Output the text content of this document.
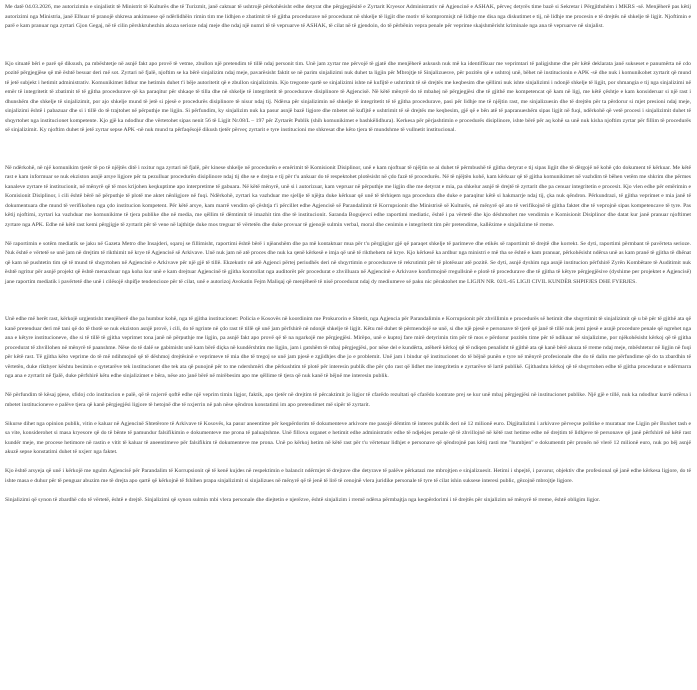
Me datë 04.03.2026, me autorizimin e sinjalistit të Ministrit të Kulturës dhe të Turizmit, janë caktuar të ushtrojë përkohësisht edhe detyrat dhe përgjegjësitë e Zyrtarit Kryesor Administrativ në Agjencinë e ASHAK, përveç detyrës time bazë si Sekretar i Përgjithshëm i MKRS -së. Menjëherë pas këtij autorizimi nga Ministria, janë Elhuar të pranojë shkresa ankimuese që ndërlidhëin rimin tim me lidhjen e zbatimit të të gjitha procedurave në procedurat në shkelje të ligjit dhe motiv të kompromisjt në lidhje me disa nga diskutimet e tij, në lidhje me procesin e të drejtës në shkelje të ligjit. Njoftimin e parë e kam pranuar nga zyrtari Gjon Gegaj, në të cilin përshkruhezhin akuza serioze ndaj meje dhe ndaj një numri të të vepruarve të ASHAK, të cilat në të gjendoin, do të përbënin vepra penale për veprime skajshmërisht kriminale nga ana të vepruarve në sinjalist.

Kjo situatë bëri e parë që diksush, pa mbështetje në asnjë fakt apo provë të vetme, zbullon një pretendim të tillë ndaj personit tim. Unë jam zyrtar me përvojë të gjatë dhe menjëherë asksush nuk më ka identifikuar me veprimtari të paligjshme dhe për këtë deklarata janë sukseset e panumërta në cdo pozitë përgjegjëse që më është besuar deri më sot. Zyrtari në fjalë, njoftim se ka bërë sinjalizim ndaj meje, pavarësisht faktit se në parim sinjalizimi nuk duhet ta ligjin për Mbrojtje të Sinjalizuesve, për pozitën që e ushtroj unë, bëhet në institucionin e APK -së dhe nuk i komunikohet zyrtarit që mund të jetë subjekt i hetimit administrativ. Komunikimet lidhur me hetimin duhet t'i bëje autoritetit që e zbullon sinjalizimin. Kjo tregonte qartë se sinjalizimi ishte në kufijtë e ushtrimit të së drejtës me keqbesim dhe qëllimi nuk ishte sinjalizimi i ndonjë shkelje të ligjit, por shmangia e tij nga sinjalizimi në emër të integritetit të zbatimit të të gjitha procedurave që ka paraqitur për shkaqe të tilla dhe në shkelje të integritetit të procedurave disiplinore të Agjencisë. Në këtë mënyrë do të mbahej në përgjegjësi dhe të gjithë me kompetencat që kam në ligj, me këtë çështje e kam konsideruar si një rast i dhunshëm dhe shkelje të sinjalizimit, por ajo shkelje mund të jetë si pjesë e procedurës disiplinore të nisur ndaj tij. Ndërsa për sinjalizimin në shkelje të integritetit të të gjitha procedurave, pasi për lidhje me të njëjtin rast, me sinjalizuesin dhe të drejtën për ta përdorur si mjet presioni ndaj meje, sinjalizimi është i pabazuar dhe si i tillë do të trajtohet në përputhje me ligjin. Si përfundim, ky sinjalizim nuk ka pasur asnjë bazë ligjore dhe mbetet në kufijtë e ushtrimit të së drejtës me keqbesim, gjë që e bën atë të papranueshëm sipas ligjit në fuqi, ndërkohë që vetë procesi i sinjalizimit duhet të shqyrtohet nga institucionet kompetente. Kjo gjë ka ndodhur dhe vërtetohet sipas nenit 56 të Ligjit Nr.08/L – 197 për Zyrtarët Publik (shih komunikimet e bashkëlidhura). Kerkesa për përjashtimin e procedurës disiplinore, ishte bërë për aq kohë sa unë nuk kisha njoftim zyrtar për fillim të procedurës së sinjalizimit. Ky njoftim duhet të jetë zyrtar sepse APK -në nuk mund ta përfaqësojë dikush tjetër përveç zyrtarit e tyre institucioni me shkresat dhe këto tjera të mundshme të vullnetit institucional.

Në ndërkohë, në një komunikim tjetër të po të njëjtës ditë i nxitur nga zyrtari në fjalë, për kinese shkelje në procedurën e emërimit të Komisionit Disiplinor, unë e kam njoftuar të njëjtin se ai duhet të përmbushë të gjitha detyrat e tij sipas ligjit dhe të dërgojë në kohë çdo dokument të kërkuar. Me këtë rast e kam informuar se nuk ekziston asnjë arsye ligjore për ta pezulluar procedurën disiplinore ndaj tij dhe se e drejta e tij për t'u ankuar do të respektohet plotësisht në çdo fazë të procedurës. Në të njëjtën kohë, kam kërkuar që të gjitha komunikimet në vazhdim të bëhen vetëm me shkrim dhe përmes kanaleve zyrtare të institucionit, në mënyrë që të mos krijohen keqkuptime apo interpretime të gabuara. Në këtë mënyrë, unë si i autorizuar, kam vepruar në përputhje me ligjin dhe me detyrat e mia, pa shkelur asnjë të drejtë të zyrtarit dhe pa cenuar integritetin e procesit. Kjo vlen edhe për emërimin e Komisionit Disiplinor, i cili është bërë në përputhje të plotë me aktet nënligjore në fuqi. Ndërkohë, zyrtari ka vazhduar me sjellje të njëjta duke kërkuar që unë të tërhiqem nga procedura dhe duke e paraqitur këtë si hakmarrje ndaj tij, çka nuk qëndron. Përkundrazi, të gjitha veprimet e mia janë të dokumentuara dhe mund të verifikohen nga çdo institucion kompetent. Për këtë arsye, kam marrë vendim që çështja t'i përcillet edhe Agjencisë së Parandalimit të Korrupsionit dhe Ministrisë së Kulturës, në mënyrë që ato të verifikojnë të gjitha faktet dhe të veprojnë sipas kompetencave të tyre. Pas këtij njoftimi, zyrtari ka vazhduar me komunikime të tjera publike dhe në media, me qëllim të dëmtimit të imazhit tim dhe të institucionit. Saranda Bogujevci edhe raportimi mediatic, është i pa vërtetë dhe kjo dëshmohet me vendimin e Komisionit Disiplinor dhe datat kur janë pranuar njoftimet zyrtare nga APK. Edhe në këtë rast kemi përgjigje të zyrtarit për të vene në lajthitje duke mos treguar të vërtetën dhe duke provuar të gjenojë sulmin verbal, moral dhe cenimin e integritetit tim për pretendime, kallëzime e sinjalizime të rreme.

Në raportimin e sotëm mediatik se jaku në Gazeta Metro dhe Insajderi, sqaroj se fillimisht, raportimi është bërë i njëanshëm dhe pa më kontaktuar mua për t'u përgjigjur gjë që paraqet shkelje të parimeve dhe etikës së raportimit të drejtë dhe korrekt. Se dyti, raportimi përmbant të pavërteta serioze. Nuk është e vërtetë se unë jam në drejtim të rikthimit në krye të Agjencisë së Arkivave. Unë nuk jam në atë proces dhe nuk ka qenë kërkesë e imja që unë të rikthehem në krye. Kjo kërkesë ka ardhur nga ministri e më tha se është e kam pranuar, përkohësisht ndërsa unë as kam pranë të gjitha të dhënat që kam në pushtetin tim që të mund të shqyrtohen në Agjencinë e Arkivave për një gjë të tillë. Ekzekutiv në atë Agjenci përtej periudhës deri në shqyrtimin e procedurave të rekrutimit për të plotësuar atë pozitë. Se dyti, asnjë dyshim nga asnjë institucion përfshirë Zyrën Kombëtare të Auditimit nuk është ngritur për asnjë projekt që është menaxhuar nga koha kur unë e kam drejtuar Agjencinë të gjitha kontrollat nga auditorët për procedurat e zhvilluara në Agjencinë e Arkivave konfirmojnë rregullsinë e plotë të procedurave dhe të gjitha të këtyre përgjegjësive (dyshime per projektet e Agjencisë) jane raportim mediatik i pavërtetë dhe unë i cilësojë shpifje tendencioze për të cilat, unë e autorizoj Avokatin Fejm Maliqaj që menjëherë të nisë procedurat ndaj dy mediumeve sé paku nic përaktohet me LIGJIN NR. 02/L-65 LIGJI CIVIL KUNDËR SHPIFJES DHE FYERJES.

Unë edhe më herët rast, kërkojë urgjentisht menjëherë dhe pa humbur kohë, nga të gjitha institucionet: Policia e Kosovës në koordinim me Prokurorin e Shtetit, nga Agjencia për Parandalimin e Korrupsionit për zhvillimin e procedurës së hetimit dhe shqyrtimit të sinjalizimit që u bë për të gjithë ata që kanë pretenduar deri më tani që do të thotë se nuk ekziston asnjë provë, i cili, do të ngrinte në çdo rast të tillë që unë jam përfshirë në ndonjë shkelje të ligjit. Këtu më duhet të përmendojë se unë, si dhe një pjesë e personave të tjerë që janë të tillë nuk jemi pjesë e asnjë procedure penale që ngrehet nga ana e këtyre institucioneve, dhe si të tillë të gjitha veprimet tona janë në përputhje me ligjin, pa asnjë fakt apo provë që të na ngarkojë me përgjegjësi. Mirëpo, unë e kuptoj fare mirë detyrimin tim për të mos e përdorur pozitën time për të ndikuar në sinjalizime, por njëkohësisht kërkoj që të gjitha procedurat të zhvillohen në mënyrë të paanshme. Nëse do të dalë se gabimisht unë kam bërë diçka në kundërshtim me ligjin, jam i gatshëm të mbaj përgjegjësi, por nëse del e kundërta, atëherë kërkoj që të ndiqen penalisht të gjithë ata që kanë bërë akuza të rreme ndaj meje, mbështetur në ligjin në fuqi për këtë rast. Të gjitha këto veprime do të më ndihmojnë që të dëshmoj drejtësinë e veprimeve të mia dhe të tregoj se unë jam pjesë e zgjidhjes dhe jo e problemit. Unë jam i bindur që institucionet do të bëjnë punën e tyre në mënyrë profesionale dhe do të dalin me përfundime që do ta zbardhin të vërtetën, duke rikthyer kështu besimin e qytetarëve tek institucionet dhe tek ata që punojnë për to me ndershmëri dhe përkushtim të plotë për interesin publik dhe për çdo rast që lidhet me integritetin e zyrtarëve të lartë publikë. Gjithashtu kërkoj që të shqyrtohen edhe të gjitha procedurat e ndërmarra nga ana e zyrtarit në fjalë, duke përfshirë këtu edhe sinjalizimet e bëra, nëse ato janë bërë në mirëbesim apo me qëllime të tjera që nuk kanë të bëjnë me interesin publik.

Në përfundim të kësaj pjese, sfidoj cdo institucion e palë, që të nxjerrë qoftë edhe një veprim timin ligjor, faktik, apo tjetër në drejtim të përcaktimit jo ligjor të cfarëdo rezultati që cfarëdo kontrate prej se kur unë mbaj përgjegjësi në institucionet publike. Një gjë e tillë, nuk ka ndodhur kurrë ndërsa i mbetet institucioneve e palëve tjera që kanë përgjegjësi ligjore të hetojnë dhe të nxjerrin në pah nëse qëndron konstatimi im apo pretendimet më sipër të zyrtarit.

Sikurse dihet nga opinion publik, vitin e kaluar në Agjencinë Shtetërore të Arkivave të Kosovës, ka pasur aneentime për keqpërdorim të dokumenteve arkivore me pasojë dëmtim të interes publik deri në 12 milionë euro. Digjitalizimi i arkivave përveçse politike e muratuar me Ligjin për Buxhet tash e sa vite, konsiderohet si masa kryesore që do të bënte të pamundur falsifikimin e dokumenteve me prona të paluajtshme. Unë fillova organet e hetimit edhe administrativ edhe të ndjekjes penale që të zhvillojnë në këtë rast hetime edhe në drejtim të lidhjeve të personave që janë përfshirë në këtë rast kundër meje, me procese hetimore në rastin e vitit të kaluar të aneentimeve për falsifikim të dokumenteve me prona. Unë po kërkoj hetim në këtë rast për t'u vërtetuar lidhjet e personave që qëndrojnë pas këtij rasti me "humbjen" e dokumentit për pronën në vlerë 12 milionë euro, nuk po bëj asnjë akuzë sepse konstatimi duhet të nxjerr nga faktet.

Kjo është arsyeja që unë i kërkojë me ngulm Agjencisë për Parandalim të Korrupsionit që të kenë kujdes në respektimin e balancit ndërmjet të drejtave dhe detyrave të palëve përkatazi me mbrojtjen e sinjalizuesit. Hetimi i shpejtë, i pavarur, objektiv dhe profesional që janë edhe kërkesa ligjore, do të ishte masa e duhur për të penguar abuzim me të drejta apo qartë që kërkojnë të fshihen prapa sinjalizimit si sinjalizues në mënyrë që të jenë të lirë të cenojnë vlera juridike personale të tyre të cilat ishin suksese interesi public, gëzojnë mbrojtje ligjore.

Sinjalizimi që synon të zbardhë cdo të vërtetë, është e drejtë. Sinjalizimi që synon sulmin mbi vlera personale dhe diejtetin e njerëzve, është sinjalizim i rremë ndërsa përmbajtja nga keqpërdorimi i të drejtës për sinjalizim në mënyrë të rreme, është obligim ligjor.
